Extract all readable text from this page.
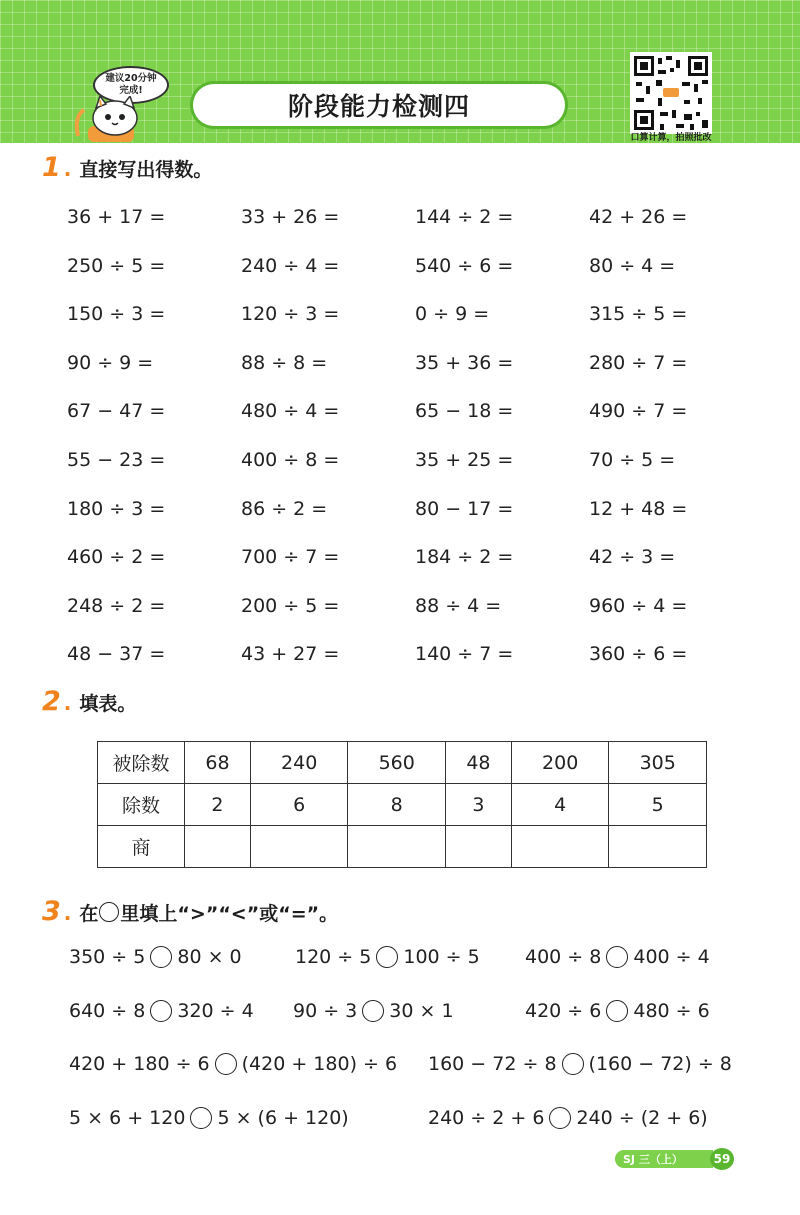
建议20分钟
完成!
阶段能力检测四
口算计算，拍照批改
1 . 直接写出得数。
36 + 17 =	33 + 26 =	144 ÷ 2 =	42 + 26 =
250 ÷ 5 =	240 ÷ 4 =	540 ÷ 6 =	80 ÷ 4 =
150 ÷ 3 =	120 ÷ 3 =	0 ÷ 9 =	315 ÷ 5 =
90 ÷ 9 =	88 ÷ 8 =	35 + 36 =	280 ÷ 7 =
67 − 47 =	480 ÷ 4 =	65 − 18 =	490 ÷ 7 =
55 − 23 =	400 ÷ 8 =	35 + 25 =	70 ÷ 5 =
180 ÷ 3 =	86 ÷ 2 =	80 − 17 =	12 + 48 =
460 ÷ 2 =	700 ÷ 7 =	184 ÷ 2 =	42 ÷ 3 =
248 ÷ 2 =	200 ÷ 5 =	88 ÷ 4 =	960 ÷ 4 =
48 − 37 =	43 + 27 =	140 ÷ 7 =	360 ÷ 6 =
2 . 填表。
被除数	68	240	560	48	200	305
除数	2	6	8	3	4	5
商						
3 . 在 里填上“>”“<”或“=”。
350 ÷ 5 80 × 0	120 ÷ 5 100 ÷ 5 400 ÷ 8 400 ÷ 4
640 ÷ 8 320 ÷ 4 90 ÷ 3 30 × 1	420 ÷ 6 480 ÷ 6
420 + 180 ÷ 6 (420 + 180) ÷ 6 160 − 72 ÷ 8 (160 − 72) ÷ 8
5 × 6 + 120 5 × (6 + 120)	240 ÷ 2 + 6 240 ÷ (2 + 6)
SJ 三（上）	59
